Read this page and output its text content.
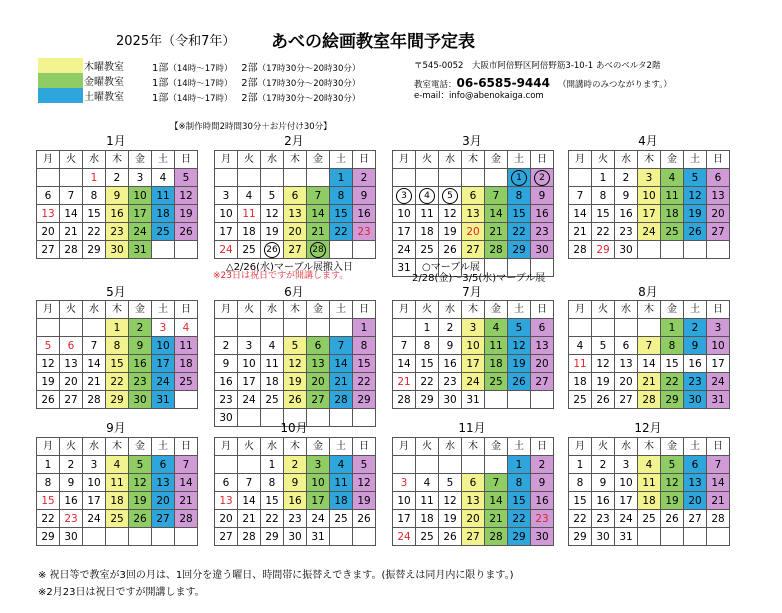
2025年（令和7年） あべの絵画教室年間予定表
木曜教室
金曜教室
土曜教室
1部（14時～17時） 2部（17時30分～20時30分）
1部（14時～17時） 2部（17時30分～20時30分）
1部（14時～17時） 2部（17時30分～20時30分）
〒545-0052　大阪市阿倍野区阿倍野筋3-10-1 あべのベルタ2階
教室電話：06-6585-9444 （開講時のみつながります。）
e-mail：info@abenokaiga.com
【※制作時間2時間30分＋お片付け30分】
1月
月	火	水	木	金	土	日
		1	2	3	4	5
6	7	8	9	10	11	12
13	14	15	16	17	18	19
20	21	22	23	24	25	26
27	28	29	30	31		
2月
月	火	水	木	金	土	日
					1	2
3	4	5	6	7	8	9
10	11	12	13	14	15	16
17	18	19	20	21	22	23
24	25	26	27	28		
3月
月	火	水	木	金	土	日
					1	2
3	4	5	6	7	8	9
10	11	12	13	14	15	16
17	18	19	20	21	22	23
24	25	26	27	28	29	30
31						
4月
月	火	水	木	金	土	日
	1	2	3	4	5	6
7	8	9	10	11	12	13
14	15	16	17	18	19	20
21	22	23	24	25	26	27
28	29	30				
5月
月	火	水	木	金	土	日
			1	2	3	4
5	6	7	8	9	10	11
12	13	14	15	16	17	18
19	20	21	22	23	24	25
26	27	28	29	30	31	
6月
月	火	水	木	金	土	日
						1
2	3	4	5	6	7	8
9	10	11	12	13	14	15
16	17	18	19	20	21	22
23	24	25	26	27	28	29
30						
7月
月	火	水	木	金	土	日
	1	2	3	4	5	6
7	8	9	10	11	12	13
14	15	16	17	18	19	20
21	22	23	24	25	26	27
28	29	30	31			
8月
月	火	水	木	金	土	日
				1	2	3
4	5	6	7	8	9	10
11	12	13	14	15	16	17
18	19	20	21	22	23	24
25	26	27	28	29	30	31
9月
月	火	水	木	金	土	日
1	2	3	4	5	6	7
8	9	10	11	12	13	14
15	16	17	18	19	20	21
22	23	24	25	26	27	28
29	30					
10月
月	火	水	木	金	土	日
		1	2	3	4	5
6	7	8	9	10	11	12
13	14	15	16	17	18	19
20	21	22	23	24	25	26
27	28	29	30	31		
11月
月	火	水	木	金	土	日
					1	2
3	4	5	6	7	8	9
10	11	12	13	14	15	16
17	18	19	20	21	22	23
24	25	26	27	28	29	30
12月
月	火	水	木	金	土	日
1	2	3	4	5	6	7
8	9	10	11	12	13	14
15	16	17	18	19	20	21
22	23	24	25	26	27	28
29	30	31				
△2/26(水)マーブル展搬入日
※23日は祝日ですが開講します。
○マーブル展
2/28(金)～3/5(水)マーブル展
※ 祝日等で教室が3回の月は、1回分を違う曜日、時間帯に振替えできます。(振替えは同月内に限ります。)
※2月23日は祝日ですが開講します。
